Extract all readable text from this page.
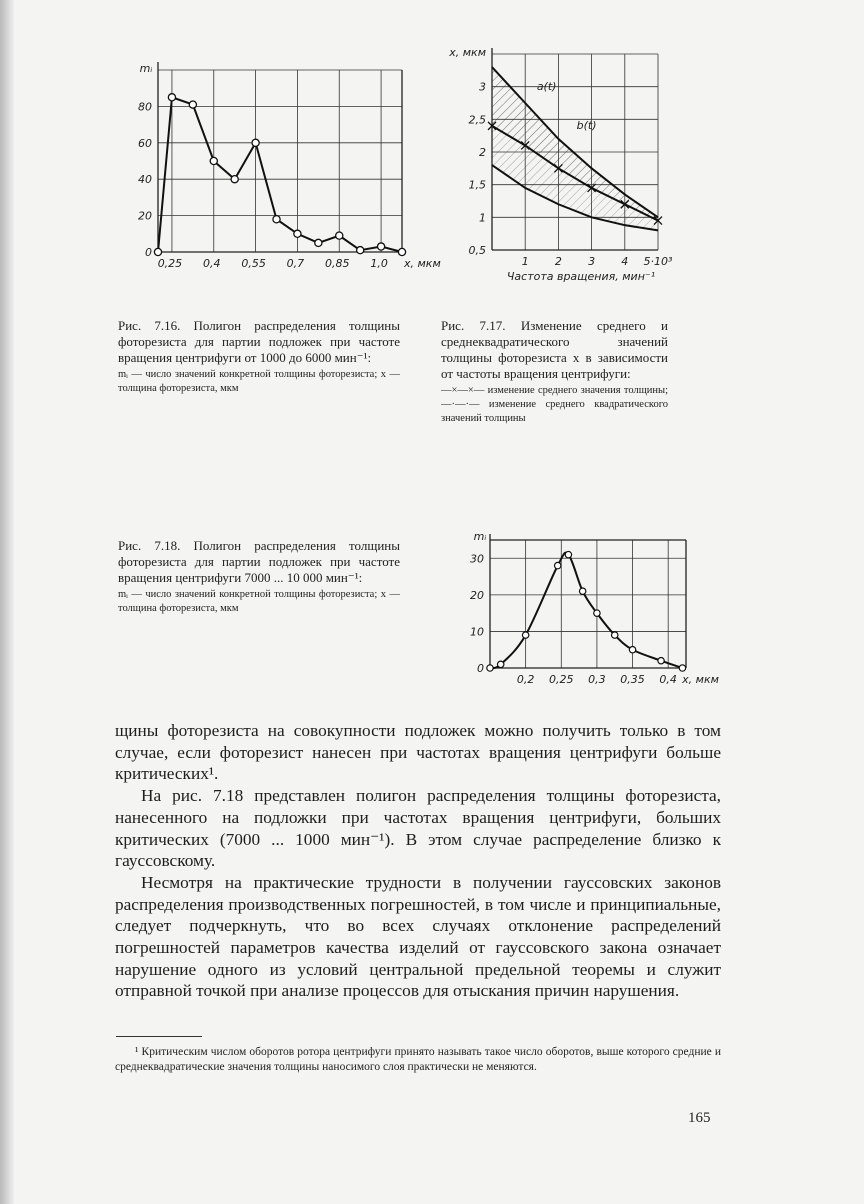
0,25 0,4 0,55 0,7 0,85 1,0 x, мкм
0
20
40
60
80
mᵢ
a(t)
b(t)
1 2 3 4 5·10³
Частота вращения, мин⁻¹
0,5
1
1,5
2
2,5
3
x, мкм
0,2 0,25 0,3 0,35 0,4 x, мкм
0
10
20
30
mᵢ
Рис. 7.16. Полигон распределения толщины фоторезиста для партии подложек при частоте вращения центрифуги от 1000 до 6000 мин⁻¹:
mᵢ — число значений конкретной толщины фоторезиста; x — толщина фоторезиста, мкм
Рис. 7.17. Изменение среднего и среднеквадратического значений толщины фоторезиста x в зависимости от частоты вращения центрифуги:
—×—×— изменение среднего значения толщины; —·—·— изменение среднего квадратического значений толщины
Рис. 7.18. Полигон распределения толщины фоторезиста для партии подложек при частоте вращения центрифуги 7000 ... 10 000 мин⁻¹:
mᵢ — число значений конкретной толщины фоторезиста; x — толщина фоторезиста, мкм

щины фоторезиста на совокупности подложек можно получить только в том случае, если фоторезист нанесен при частотах вращения центрифуги больше критических¹.

На рис. 7.18 представлен полигон распределения толщины фоторезиста, нанесенного на подложки при частотах вращения центрифуги, больших критических (7000 ... 1000 мин⁻¹). В этом случае распределение близко к гауссовскому.

Несмотря на практические трудности в получении гауссовских законов распределения производственных погрешностей, в том числе и принципиальные, следует подчеркнуть, что во всех случаях отклонение распределений погрешностей параметров качества изделий от гауссовского закона означает нарушение одного из условий центральной предельной теоремы и служит отправной точкой при анализе процессов для отыскания причин нарушения.

¹ Критическим числом оборотов ротора центрифуги принято называть такое число оборотов, выше которого средние и среднеквадратические значения толщины наносимого слоя практически не меняются.
165
